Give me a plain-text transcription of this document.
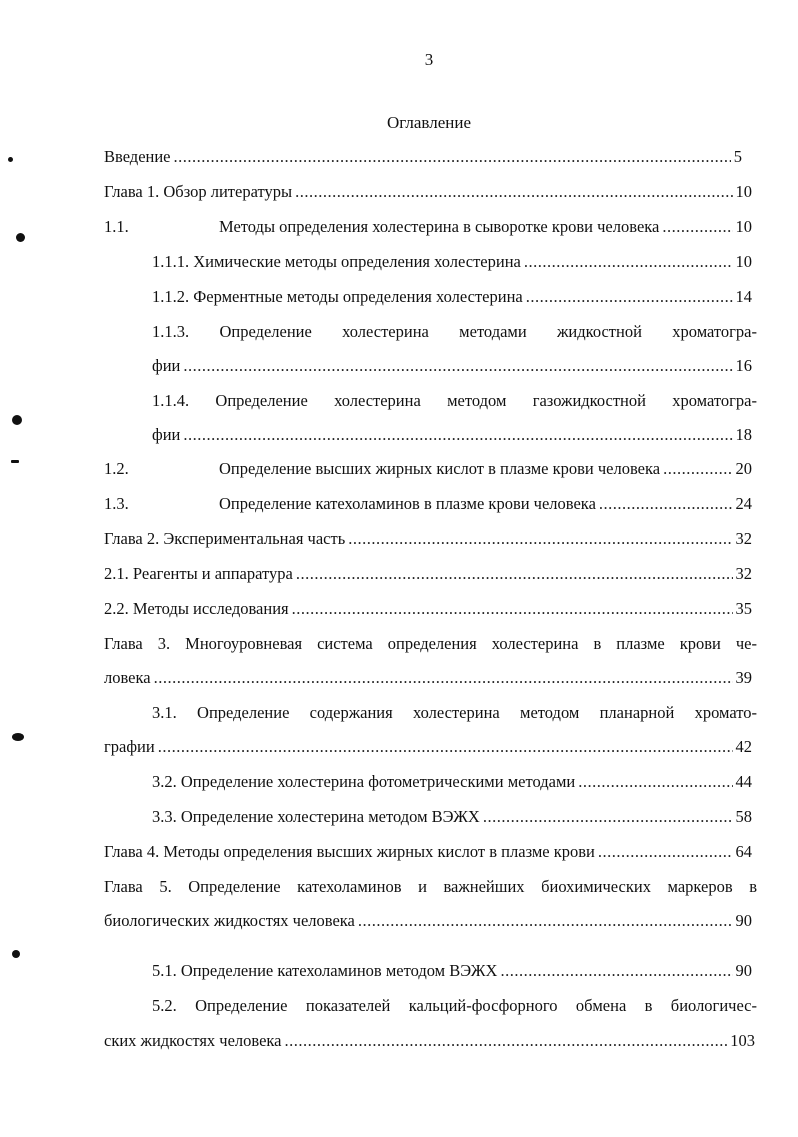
3
Оглавление
Введение .....	5
Глава 1. Обзор литературы .....	10
1.1.	Методы определения холестерина в сыворотке крови человека .....	10
1.1.1. Химические методы определения холестерина .....	10
1.1.2. Ферментные методы определения холестерина .....	14
1.1.3. Определение холестерина методами жидкостной хроматогра-
фии .....	16
1.1.4. Определение холестерина методом газожидкостной хроматогра-
фии .....	18
1.2.	Определение высших жирных кислот в плазме крови человека .....	20
1.3.	Определение катехоламинов в плазме крови человека .....	24
Глава 2. Экспериментальная часть .....	32
2.1. Реагенты и аппаратура .....	32
2.2. Методы исследования .....	35
Глава 3. Многоуровневая система определения холестерина в плазме крови че-
ловека .....	39
3.1. Определение содержания холестерина методом планарной хромато-
графии .....	42
3.2. Определение холестерина фотометрическими методами .....	44
3.3. Определение холестерина методом ВЭЖХ .....	58
Глава 4. Методы определения высших жирных кислот в плазме крови .....	64
Глава 5. Определение катехоламинов и важнейших биохимических маркеров в
биологических жидкостях человека .....	90
5.1. Определение катехоламинов методом ВЭЖХ .....	90
5.2. Определение показателей кальций-фосфорного обмена в биологичес-
ских жидкостях человека .....	103
